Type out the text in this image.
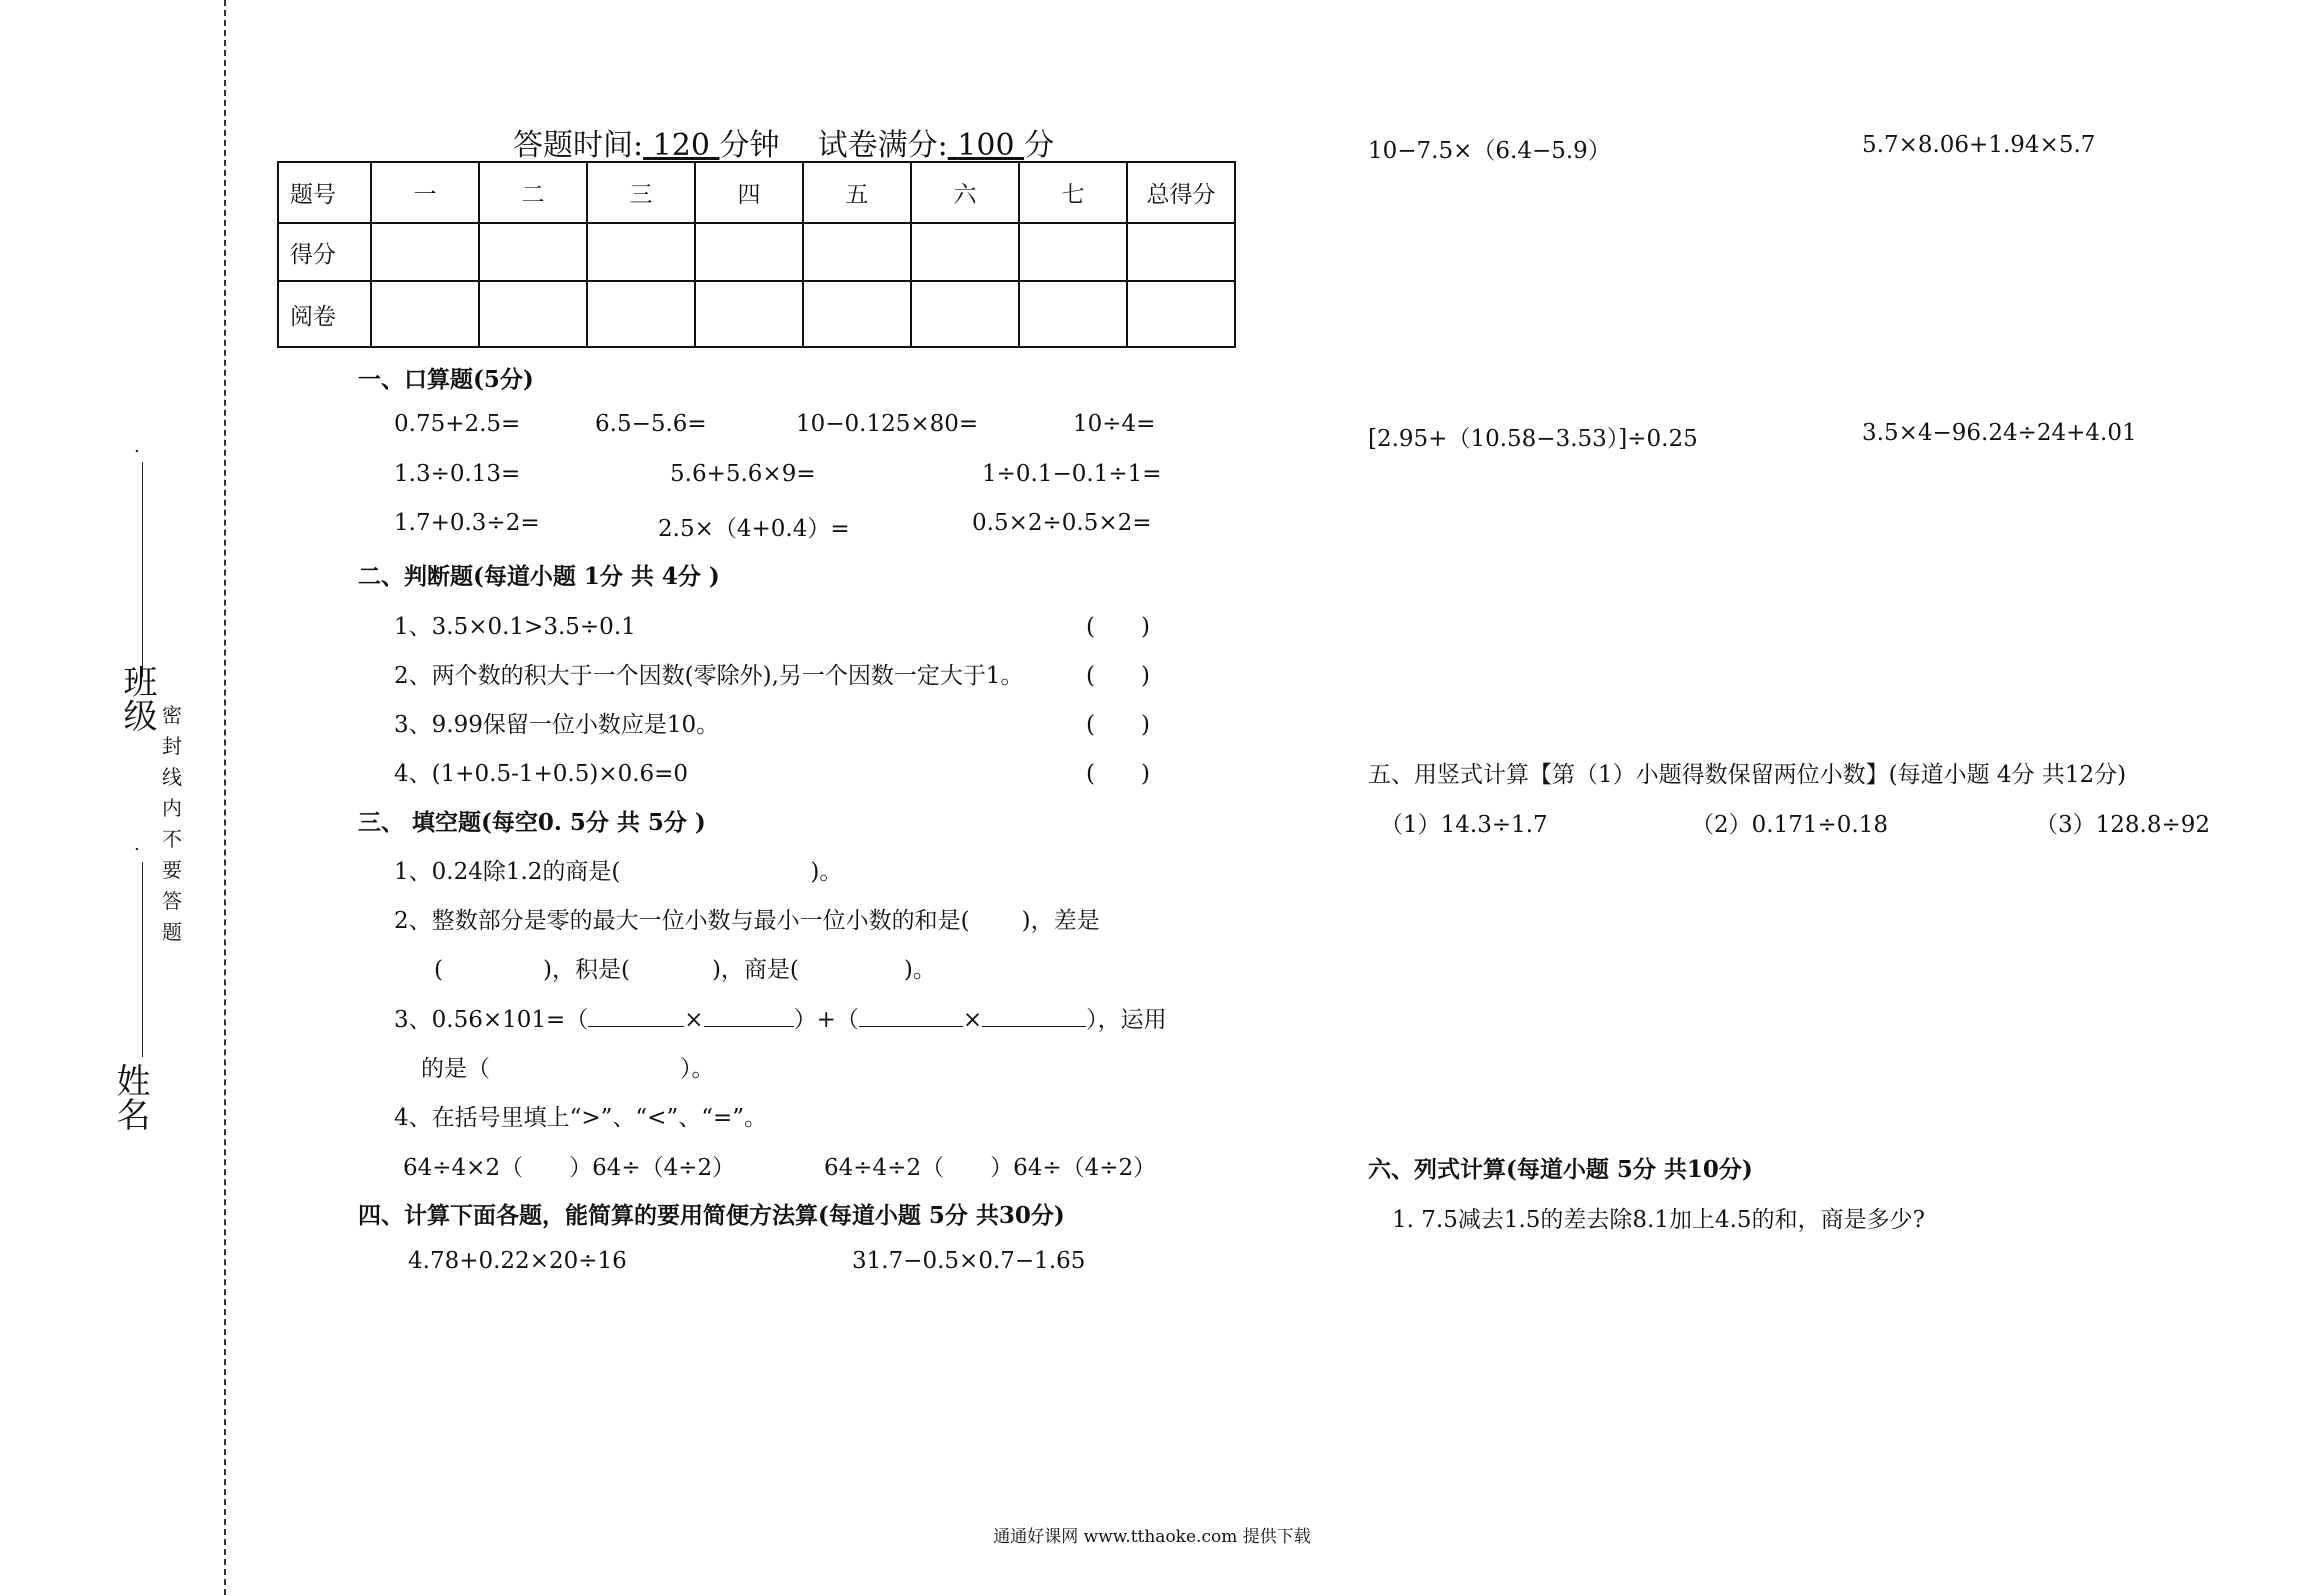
.
班级
.
姓名
密封线内不要答题
答题时间: 120 分钟 试卷满分: 100 分
题号	一	二	三	四	五	六	七	总得分
得分								
阅卷								
一、口算题(5分)
0.75+2.5=	6.5−5.6=	10−0.125×80=	10÷4=
1.3÷0.13=	5.6+5.6×9=	1÷0.1−0.1÷1=
1.7+0.3÷2=	2.5×（4+0.4）=	0.5×2÷0.5×2=
二、判断题(每道小题 1分 共 4分 )
1、3.5×0.1>3.5÷0.1	(　　)
2、两个数的积大于一个因数(零除外),另一个因数一定大于1。	(　　)
3、9.99保留一位小数应是10。	(　　)
4、(1+0.5-1+0.5)×0.6=0	(　　)
三、 填空题(每空0. 5分 共 5分 )
1、0.24除1.2的商是(	)。
2、整数部分是零的最大一位小数与最小一位小数的和是( )，差是
(	)，积是(	)，商是(	)。
3、0.56×101=（	×	）+（	×	），运用
的是（	）。
4、在括号里填上“>”、“<”、“=”。
64÷4×2（　　）64÷（4÷2）	64÷4÷2（　　）64÷（4÷2）
四、计算下面各题，能简算的要用简便方法算(每道小题 5分 共30分)
4.78+0.22×20÷16	31.7−0.5×0.7−1.65
10−7.5×（6.4−5.9）	5.7×8.06+1.94×5.7
[2.95+（10.58−3.53）]÷0.25	3.5×4−96.24÷24+4.01
五、用竖式计算【第（1）小题得数保留两位小数】(每道小题 4分 共12分)
（1）14.3÷1.7	（2）0.171÷0.18	（3）128.8÷92
六、列式计算(每道小题 5分 共10分)
1. 7.5减去1.5的差去除8.1加上4.5的和，商是多少?
通通好课网 www.tthaoke.com 提供下载
